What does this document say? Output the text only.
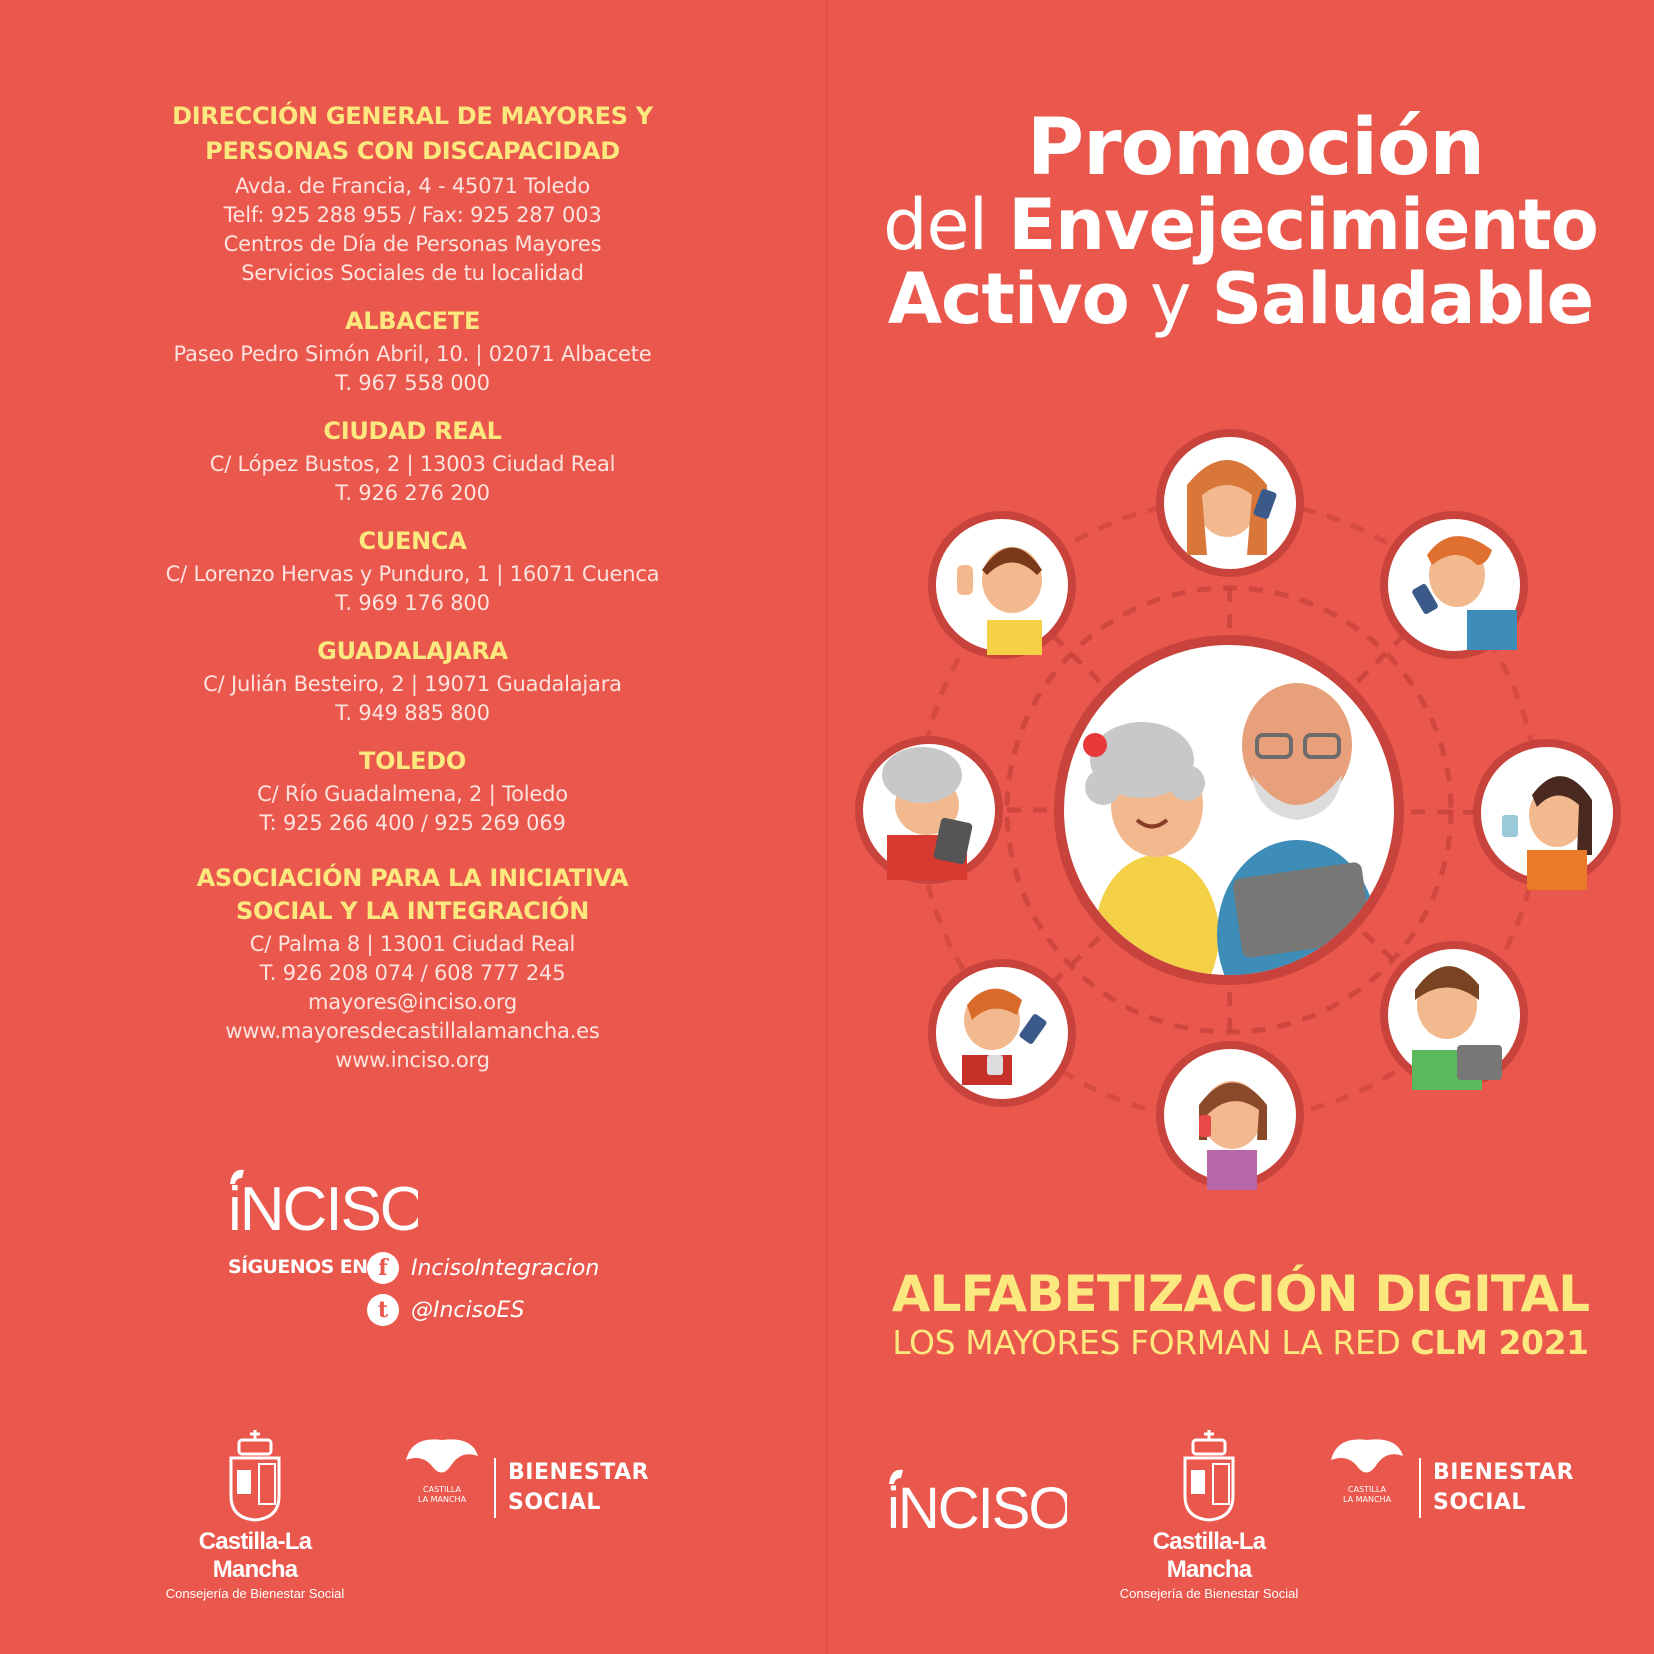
DIRECCIÓN GENERAL DE MAYORES Y

PERSONAS CON DISCAPACIDAD

Avda. de Francia, 4 - 45071 Toledo

Telf: 925 288 955 / Fax: 925 287 003

Centros de Día de Personas Mayores

Servicios Sociales de tu localidad

ALBACETE

Paseo Pedro Simón Abril, 10. | 02071 Albacete

T. 967 558 000

CIUDAD REAL

C/ López Bustos, 2 | 13003 Ciudad Real

T. 926 276 200

CUENCA

C/ Lorenzo Hervas y Punduro, 1 | 16071 Cuenca

T. 969 176 800

GUADALAJARA

C/ Julián Besteiro, 2 | 19071 Guadalajara

T. 949 885 800

TOLEDO

C/ Río Guadalmena, 2 | Toledo

T: 925 266 400 / 925 269 069

ASOCIACIÓN PARA LA INICIATIVA

SOCIAL Y LA INTEGRACIÓN

C/ Palma 8 | 13001 Ciudad Real

T. 926 208 074 / 608 777 245

mayores@inciso.org

www.mayoresdecastillalamancha.es

www.inciso.org

iNCISO
SÍGUENOS EN f	IncisoIntegracion
t	@IncisoES
Castilla-La Mancha
Consejería de Bienestar Social
CASTILLA
LA MANCHA
BIENESTAR
SOCIAL
Promoción
del Envejecimiento
Activo y Saludable
ALFABETIZACIÓN DIGITAL
LOS MAYORES FORMAN LA RED CLM 2021
iNCISO
Castilla-La Mancha
Consejería de Bienestar Social
CASTILLA
LA MANCHA
BIENESTAR
SOCIAL
